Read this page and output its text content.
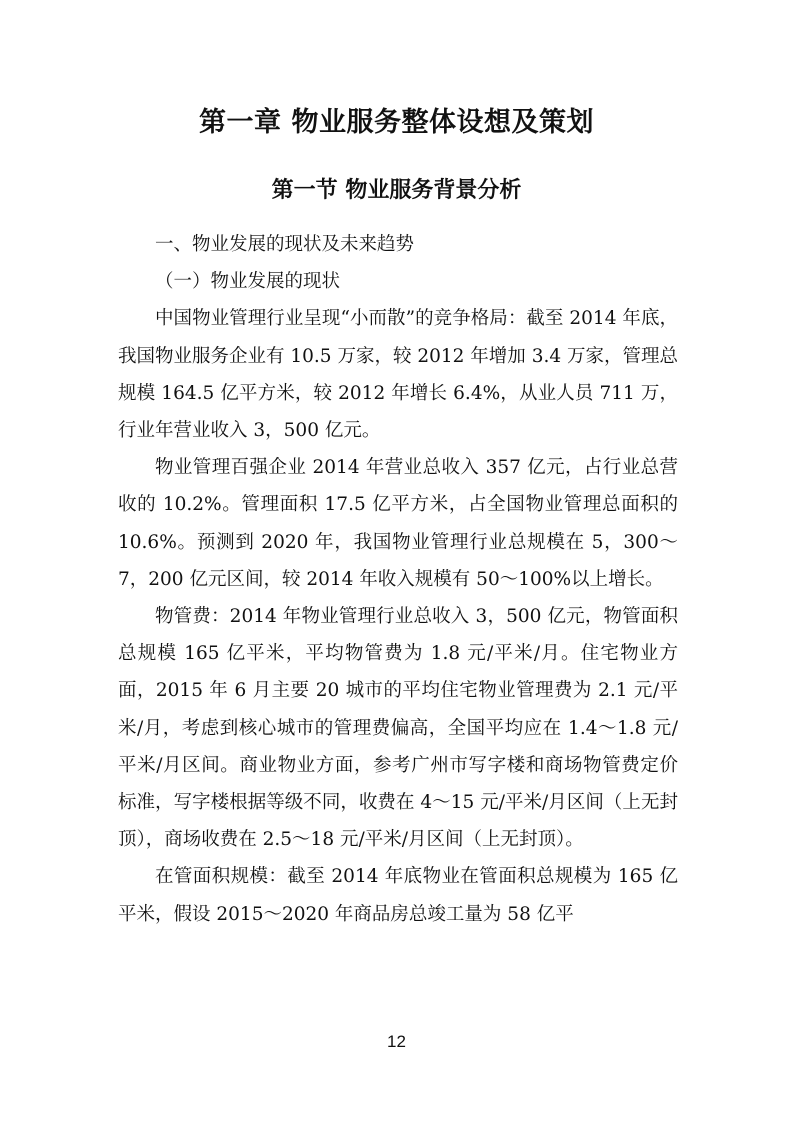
第一章 物业服务整体设想及策划
第一节 物业服务背景分析

一、物业发展的现状及未来趋势

（一）物业发展的现状

中国物业管理行业呈现“小而散”的竞争格局：截至 2014 年底，我国物业服务企业有 10.5 万家，较 2012 年增加 3.4 万家，管理总规模 164.5 亿平方米，较 2012 年增长 6.4%，从业人员 711 万，行业年营业收入 3，500 亿元。

物业管理百强企业 2014 年营业总收入 357 亿元，占行业总营收的 10.2%。管理面积 17.5 亿平方米，占全国物业管理总面积的 10.6%。预测到 2020 年，我国物业管理行业总规模在 5，300～7，200 亿元区间，较 2014 年收入规模有 50～100%以上增长。

物管费：2014 年物业管理行业总收入 3，500 亿元，物管面积总规模 165 亿平米，平均物管费为 1.8 元/平米/月。住宅物业方面，2015 年 6 月主要 20 城市的平均住宅物业管理费为 2.1 元/平米/月，考虑到核心城市的管理费偏高，全国平均应在 1.4～1.8 元/平米/月区间。商业物业方面，参考广州市写字楼和商场物管费定价标准，写字楼根据等级不同，收费在 4～15 元/平米/月区间（上无封顶），商场收费在 2.5～18 元/平米/月区间（上无封顶）。

在管面积规模：截至 2014 年底物业在管面积总规模为 165 亿平米，假设 2015～2020 年商品房总竣工量为 58 亿平

12
